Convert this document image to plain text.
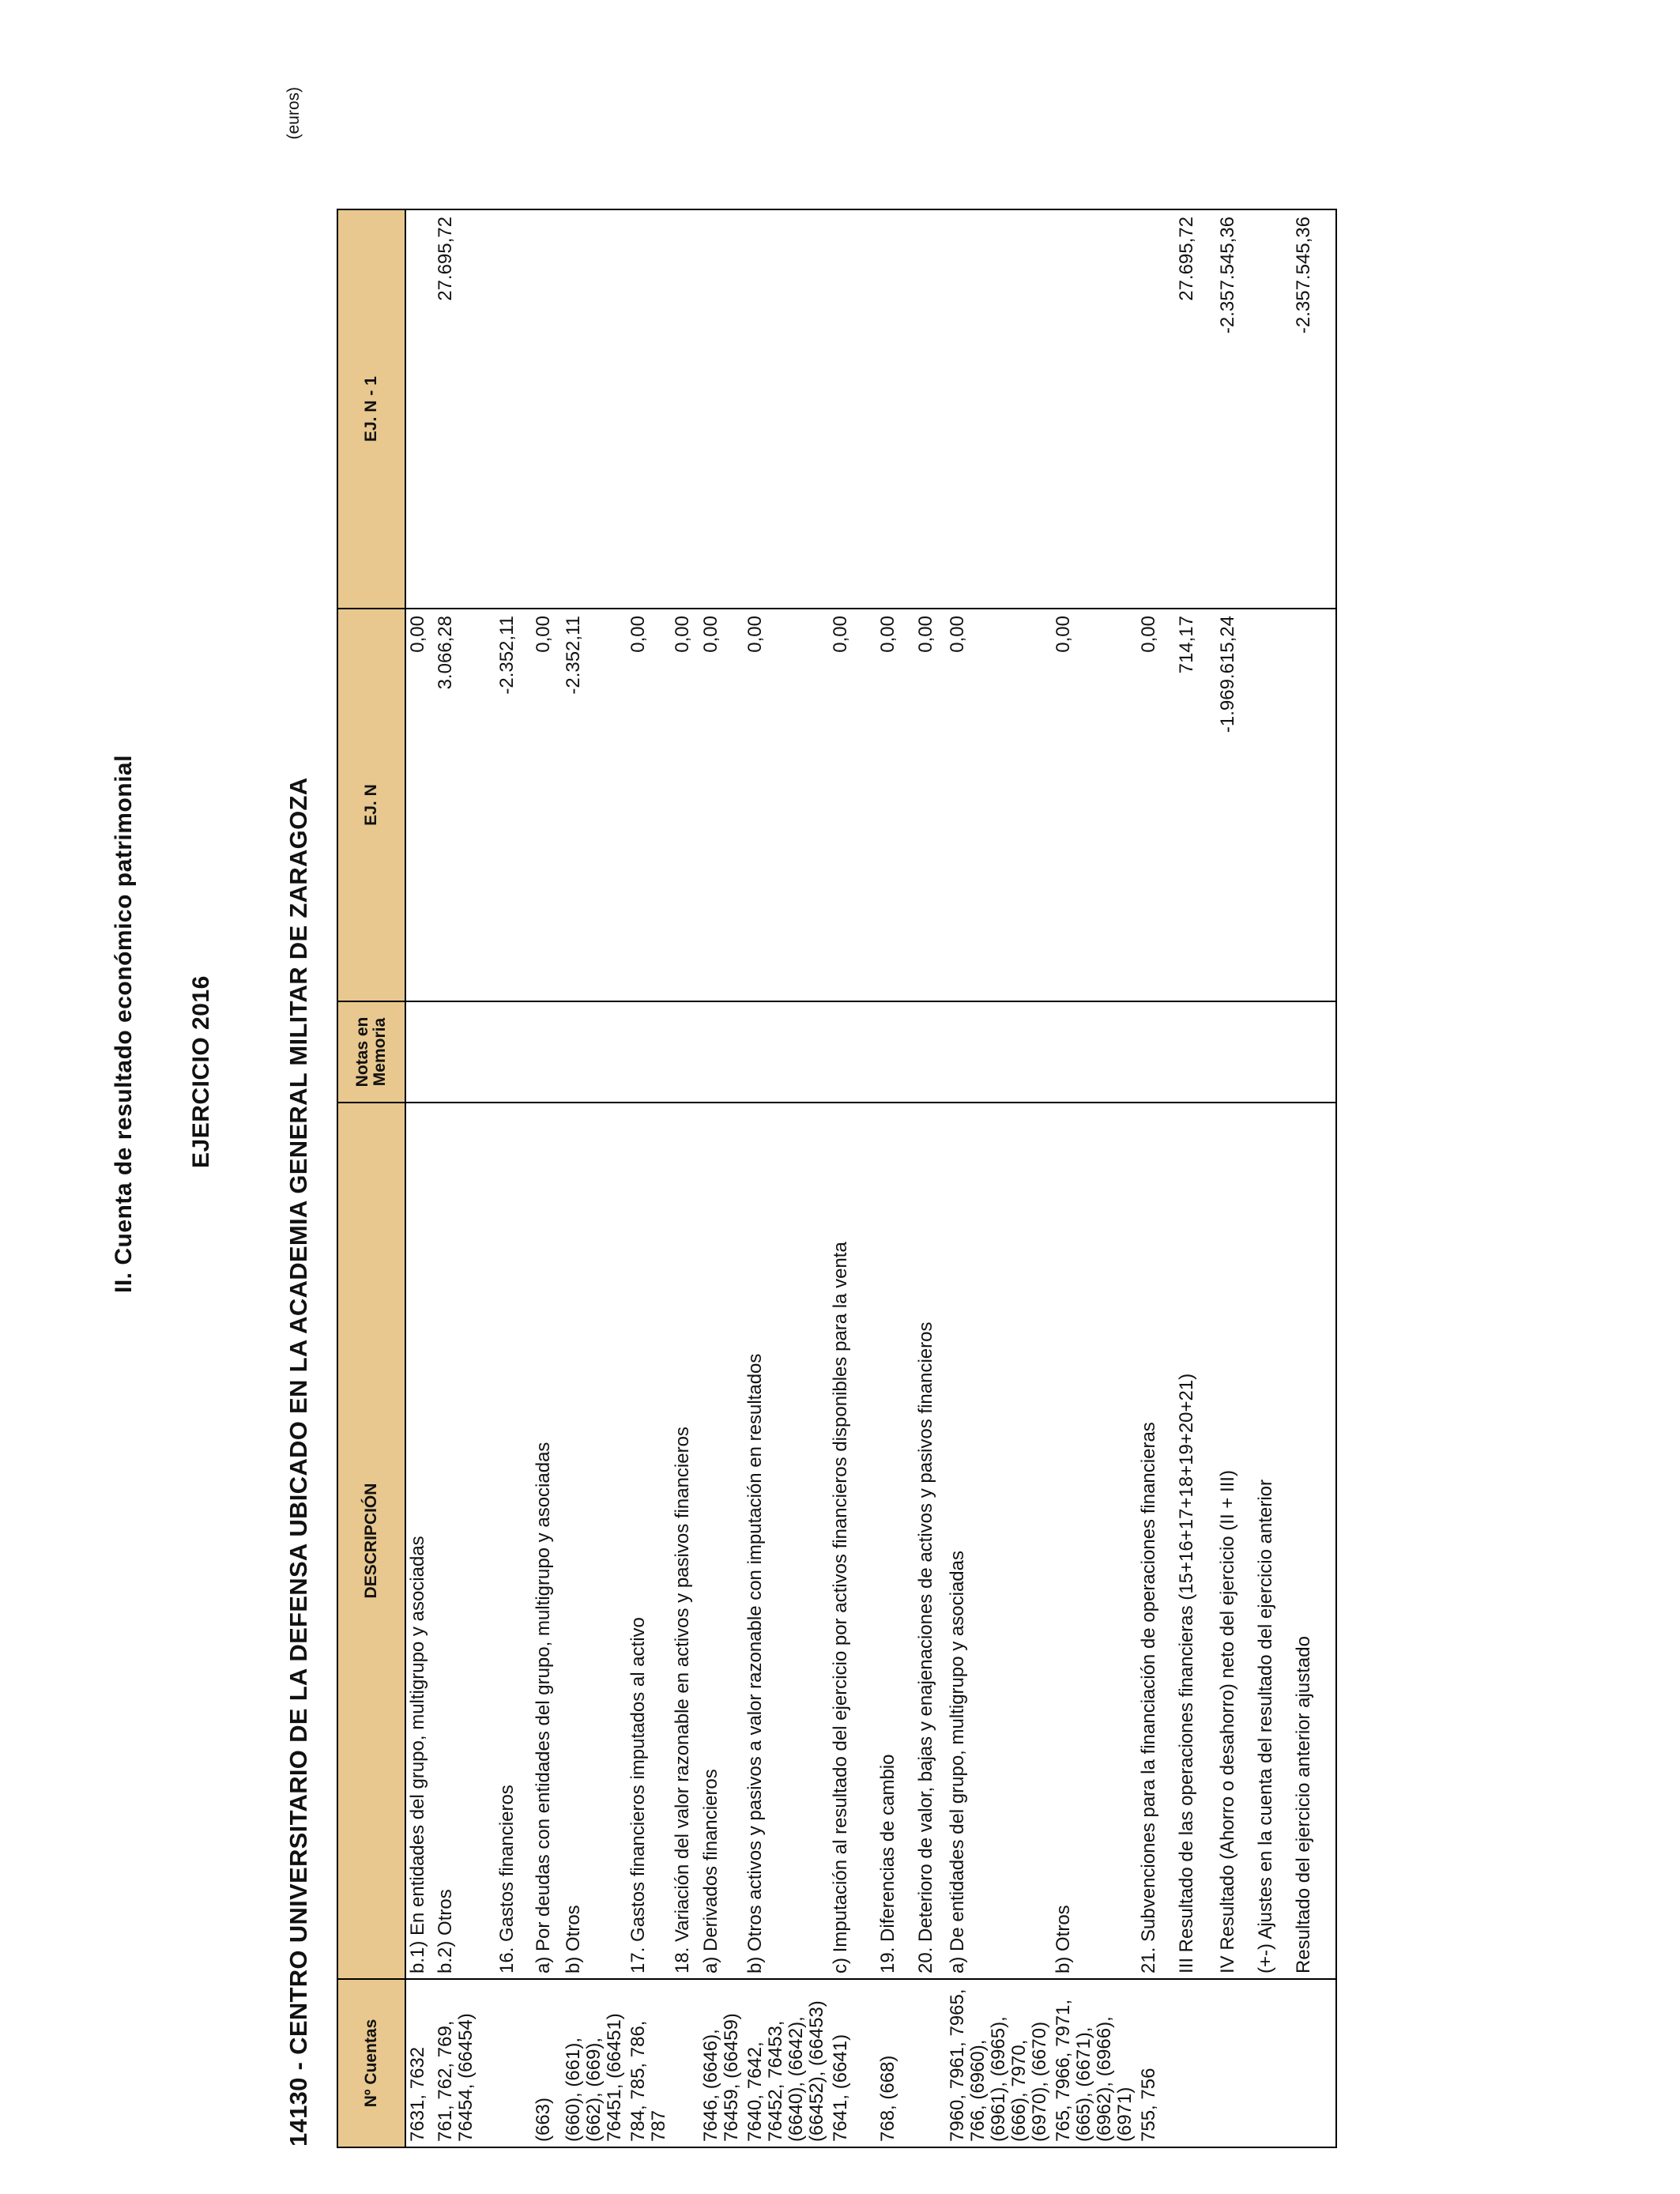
II. Cuenta de resultado económico patrimonial EJERCICIO 2016	14130 - CENTRO UNIVERSITARIO DE LA DEFENSA UBICADO EN LA ACADEMIA GENERAL MILITAR DE ZARAGOZA
(euros)
Nº Cuentas	DESCRIPCIÓN	Notas en Memoria	EJ. N	EJ. N - 1
7631, 7632	b.1) En entidades del grupo, multigrupo y asociadas		0,00	
761, 762, 769, 76454, (66454)	b.2) Otros		3.066,28	27.695,72
	16. Gastos financieros		-2.352,11	
(663)	a) Por deudas con entidades del grupo, multigrupo y asociadas		0,00	
(660), (661), (662), (669), 76451, (66451)	b) Otros		-2.352,11	
784, 785, 786, 787	17. Gastos financieros imputados al activo		0,00	
	18. Variación del valor razonable en activos y pasivos financieros		0,00	
7646, (6646), 76459, (66459)	a) Derivados financieros		0,00	
7640, 7642, 76452, 76453, (6640), (6642), (66452), (66453)	b) Otros activos y pasivos a valor razonable con imputación en resultados		0,00	
7641, (6641)	c) Imputación al resultado del ejercicio por activos financieros disponibles para la venta		0,00	
768, (668)	19. Diferencias de cambio		0,00	
	20. Deterioro de valor, bajas y enajenaciones de activos y pasivos financieros		0,00	
7960, 7961, 7965, 766, (6960), (6961), (6965), (666), 7970, (6970), (6670)	a) De entidades del grupo, multigrupo y asociadas		0,00	
765, 7966, 7971, (665), (6671), (6962), (6966), (6971)	b) Otros		0,00	
755, 756	21. Subvenciones para la financiación de operaciones financieras		0,00	
	III Resultado de las operaciones financieras (15+16+17+18+19+20+21)		714,17	27.695,72
	IV Resultado (Ahorro o desahorro) neto del ejercicio (II + III)		-1.969.615,24	-2.357.545,36
	(+-) Ajustes en la cuenta del resultado del ejercicio anterior			
	Resultado del ejercicio anterior ajustado			-2.357.545,36
